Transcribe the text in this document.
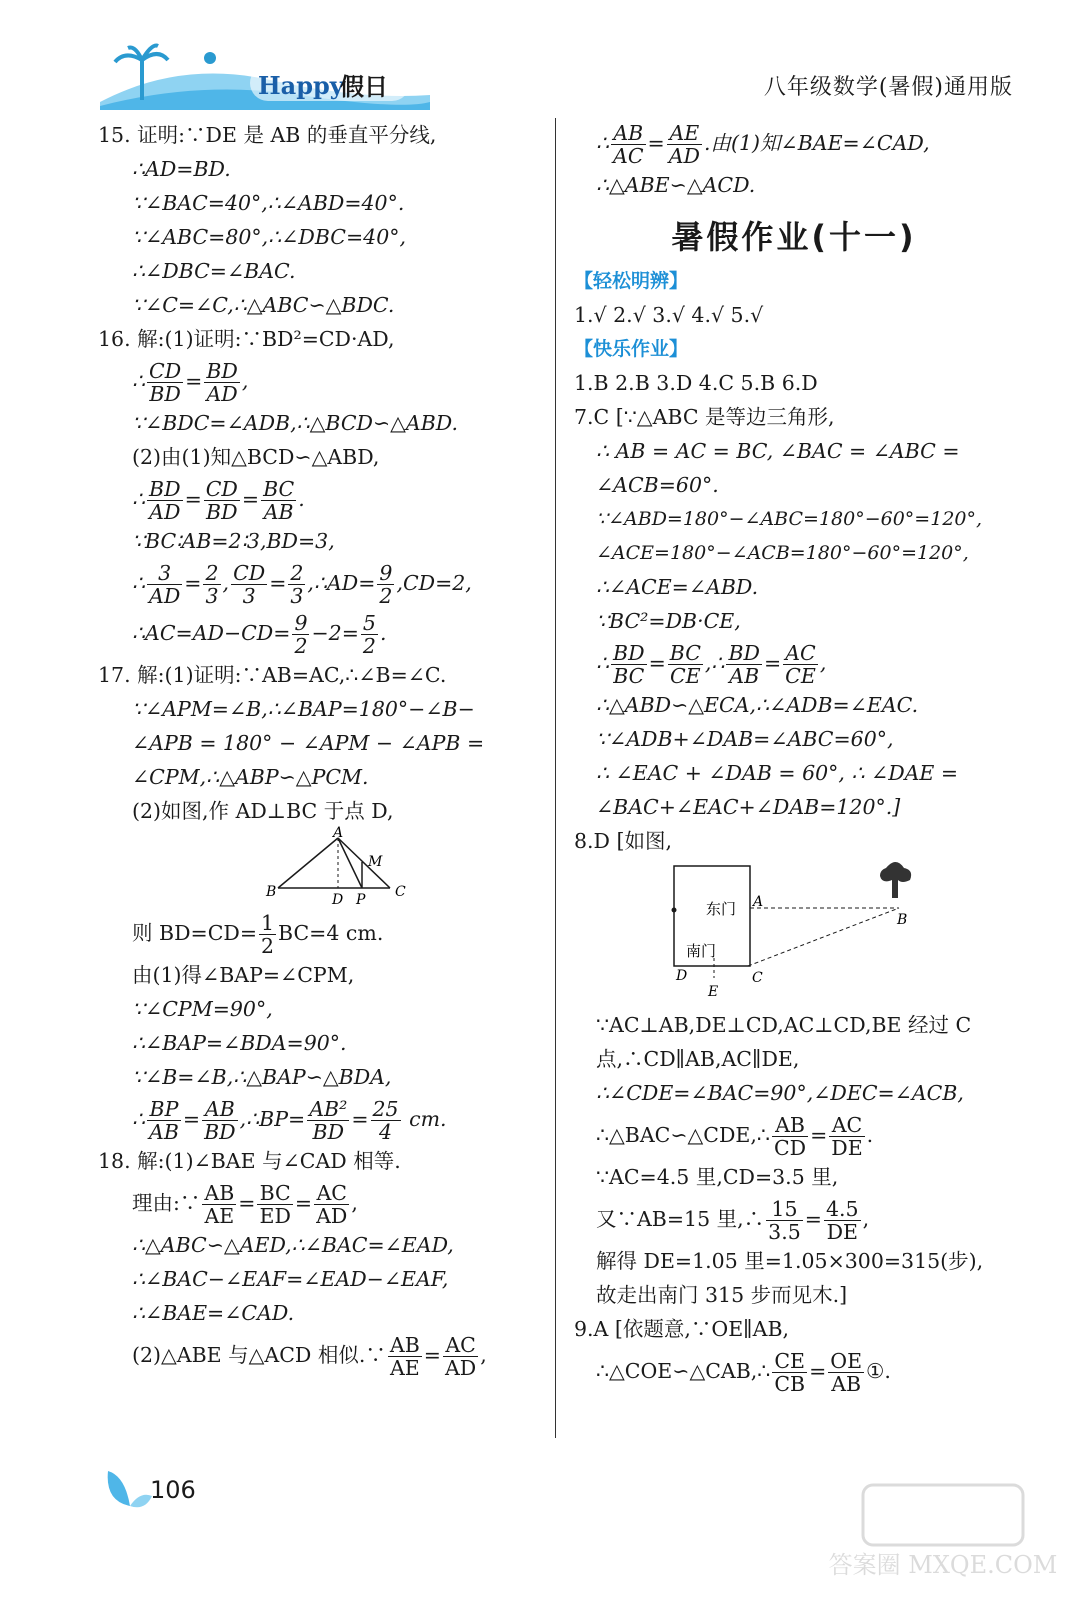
Happy
假日	八年级数学(暑假)通用版
15. 证明:∵DE 是 AB 的垂直平分线,
∴AD=BD.
∵∠BAC=40°,∴∠ABD=40°.
∵∠ABC=80°,∴∠DBC=40°,
∴∠DBC=∠BAC.
∵∠C=∠C,∴△ABC∽△BDC.
16. 解:(1)证明:∵BD²=CD·AD,
∴ $\frac{CD}{BD} = \frac{BD}{AD}$ ,
∵∠BDC=∠ADB,∴△BCD∽△ABD.
(2)由(1)知△BCD∽△ABD,
∴ $\frac{BD}{AD} = \frac{CD}{BD} = \frac{BC}{AB}$ .
∵BC∶AB=2∶3,BD=3,
∴ $\frac{3}{AD} = \frac{2}{3}$ , $\frac{CD}{3} = \frac{2}{3}$ ,∴AD= $\frac{9}{2} ,CD=2$,
∴AC=AD−CD= $\frac{9}{2} -2= \frac{5}{2}$ .
17. 解:(1)证明:∵AB=AC,∴∠B=∠C.
∵∠APM=∠B,∴∠BAP=180°−∠B−
∠APB = 180° − ∠APM − ∠APB =
∠CPM,∴△ABP∽△PCM.
(2)如图,作 AD⊥BC 于点 D,
A
B	C
D P
M
则 $BD=CD= \frac{1}{2} BC=4$ cm.
由(1)得∠BAP=∠CPM,
∵∠CPM=90°,
∴∠BAP=∠BDA=90°.
∵∠B=∠B,∴△BAP∽△BDA,
∴ $\frac{BP}{AB} = \frac{AB}{BD}$ ,∴BP= $\frac{\text{AB²}}{BD} = \frac{25}{4}$ cm.
18. 解:(1)∠BAE 与∠CAD 相等.
理由:∵ $\frac{AB}{AE} = \frac{BC}{ED} = \frac{AC}{AD}$ ,
∴△ABC∽△AED,∴∠BAC=∠EAD,
∴∠BAC−∠EAF=∠EAD−∠EAF,
∴∠BAE=∠CAD.
(2)△ABE 与△ACD 相似.∵ $\frac{AB}{AE} = \frac{AC}{AD}$ ,
∴ $\frac{AB}{AC} = \frac{AE}{AD}$ .由(1)知∠BAE=∠CAD,
∴△ABE∽△ACD.
暑假作业(十一)
【轻松明辨】
1.√ 2.√ 3.√ 4.√ 5.√
【快乐作业】
1.B 2.B 3.D 4.C 5.B 6.D
7.C [∵△ABC 是等边三角形,
∴ AB = AC = BC, ∠BAC = ∠ABC =
∠ACB=60°.
∵∠ABD=180°−∠ABC=180°−60°=120°,
∠ACE=180°−∠ACB=180°−60°=120°,
∴∠ACE=∠ABD.
∵BC²=DB·CE,
∴ $\frac{BD}{BC} = \frac{BC}{CE}$ ,∴ $\frac{BD}{AB} = \frac{AC}{CE}$ ,
∴△ABD∽△ECA,∴∠ADB=∠EAC.
∵∠ADB+∠DAB=∠ABC=60°,
∴ ∠EAC + ∠DAB = 60°, ∴ ∠DAE =
∠BAC+∠EAC+∠DAB=120°.]
8.D [如图,
东门
南门
A
B
C
D
E
∵AC⊥AB,DE⊥CD,AC⊥CD,BE 经过 C
点,∴CD∥AB,AC∥DE,
∴∠CDE=∠BAC=90°,∠DEC=∠ACB,
∴△BAC∽△CDE,∴ $\frac{AB}{CD} = \frac{AC}{DE}$ .
∵AC=4.5 里,CD=3.5 里,
又∵AB=15 里,∴ $\frac{15}{3.5} = \frac{4.5}{DE}$ ,
解得 DE=1.05 里=1.05×300=315(步),
故走出南门 315 步而见木.]
9.A [依题意,∵OE∥AB,
∴△COE∽△CAB,∴ $\frac{CE}{CB} = \frac{OE}{AB}$ ①.
106
答案圈 MXQE.COM
